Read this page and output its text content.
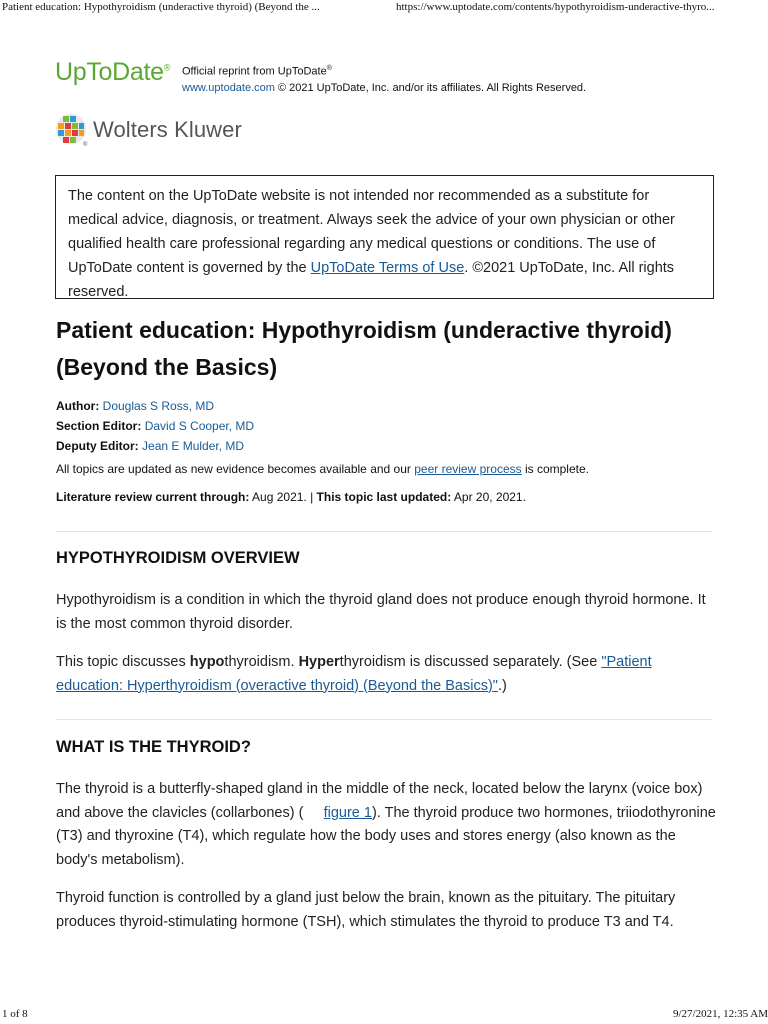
Patient education: Hypothyroidism (underactive thyroid) (Beyond the ...	https://www.uptodate.com/contents/hypothyroidism-underactive-thyro...
UpToDate® Official reprint from UpToDate®
www.uptodate.com © 2021 UpToDate, Inc. and/or its affiliates. All Rights Reserved.
®
Wolters Kluwer
The content on the UpToDate website is not intended nor recommended as a substitute for medical advice, diagnosis, or treatment. Always seek the advice of your own physician or other qualified health care professional regarding any medical questions or conditions. The use of UpToDate content is governed by the UpToDate Terms of Use. ©2021 UpToDate, Inc. All rights reserved.
Patient education: Hypothyroidism (underactive thyroid) (Beyond the Basics)
Author: Douglas S Ross, MD
Section Editor: David S Cooper, MD
Deputy Editor: Jean E Mulder, MD
All topics are updated as new evidence becomes available and our peer review process is complete.
Literature review current through: Aug 2021. | This topic last updated: Apr 20, 2021.
HYPOTHYROIDISM OVERVIEW

Hypothyroidism is a condition in which the thyroid gland does not produce enough thyroid hormone. It is the most common thyroid disorder.

This topic discusses hypothyroidism. Hyperthyroidism is discussed separately. (See "Patient education: Hyperthyroidism (overactive thyroid) (Beyond the Basics)".)

WHAT IS THE THYROID?

The thyroid is a butterfly-shaped gland in the middle of the neck, located below the larynx (voice box) and above the clavicles (collarbones) (     figure 1). The thyroid produce two hormones, triiodothyronine (T3) and thyroxine (T4), which regulate how the body uses and stores energy (also known as the body's metabolism).

Thyroid function is controlled by a gland just below the brain, known as the pituitary. The pituitary produces thyroid-stimulating hormone (TSH), which stimulates the thyroid to produce T3 and T4.

1 of 8	9/27/2021, 12:35 AM
